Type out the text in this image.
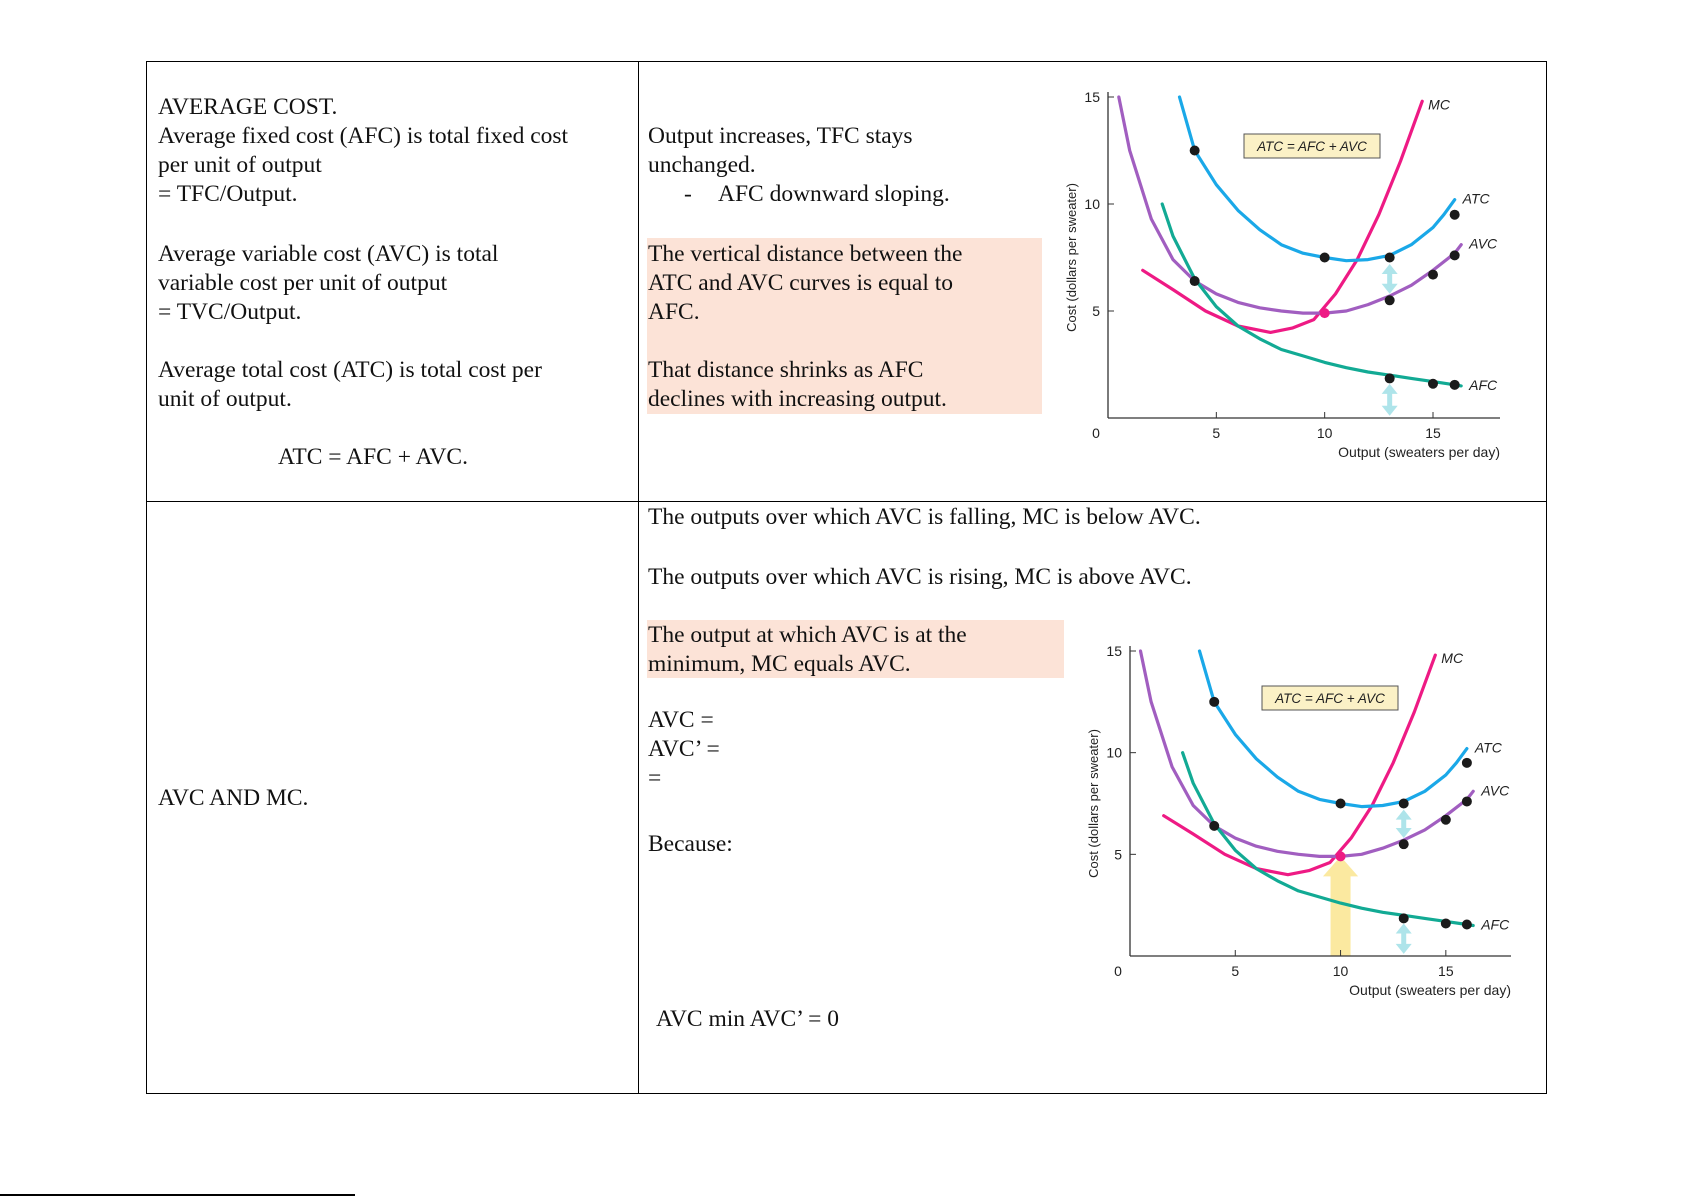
AVERAGE COST.
Average fixed cost (AFC) is total fixed cost
per unit of output
= TFC/Output.
Average variable cost (AVC) is total
variable cost per unit of output
= TVC/Output.
Average total cost (ATC) is total cost per
unit of output.
ATC = AFC + AVC.
Output increases, TFC stays
unchanged.
- AFC downward sloping.
The vertical distance between the
ATC and AVC curves is equal to
AFC.
That distance shrinks as AFC
declines with increasing output.
5
10
15
0	5	10	15
Output (sweaters per day)
Cost (dollars per sweater)
MC
ATC
AVC
AFC
ATC = AFC + AVC
AVC AND MC.
The outputs over which AVC is falling, MC is below AVC.
The outputs over which AVC is rising, MC is above AVC.
The output at which AVC is at the
minimum, MC equals AVC.
AVC =
AVC’ =
=
Because:
AVC min AVC’ = 0
5
10
15
0	5	10	15
Output (sweaters per day)
Cost (dollars per sweater)
MC
ATC
AVC
AFC
ATC = AFC + AVC
